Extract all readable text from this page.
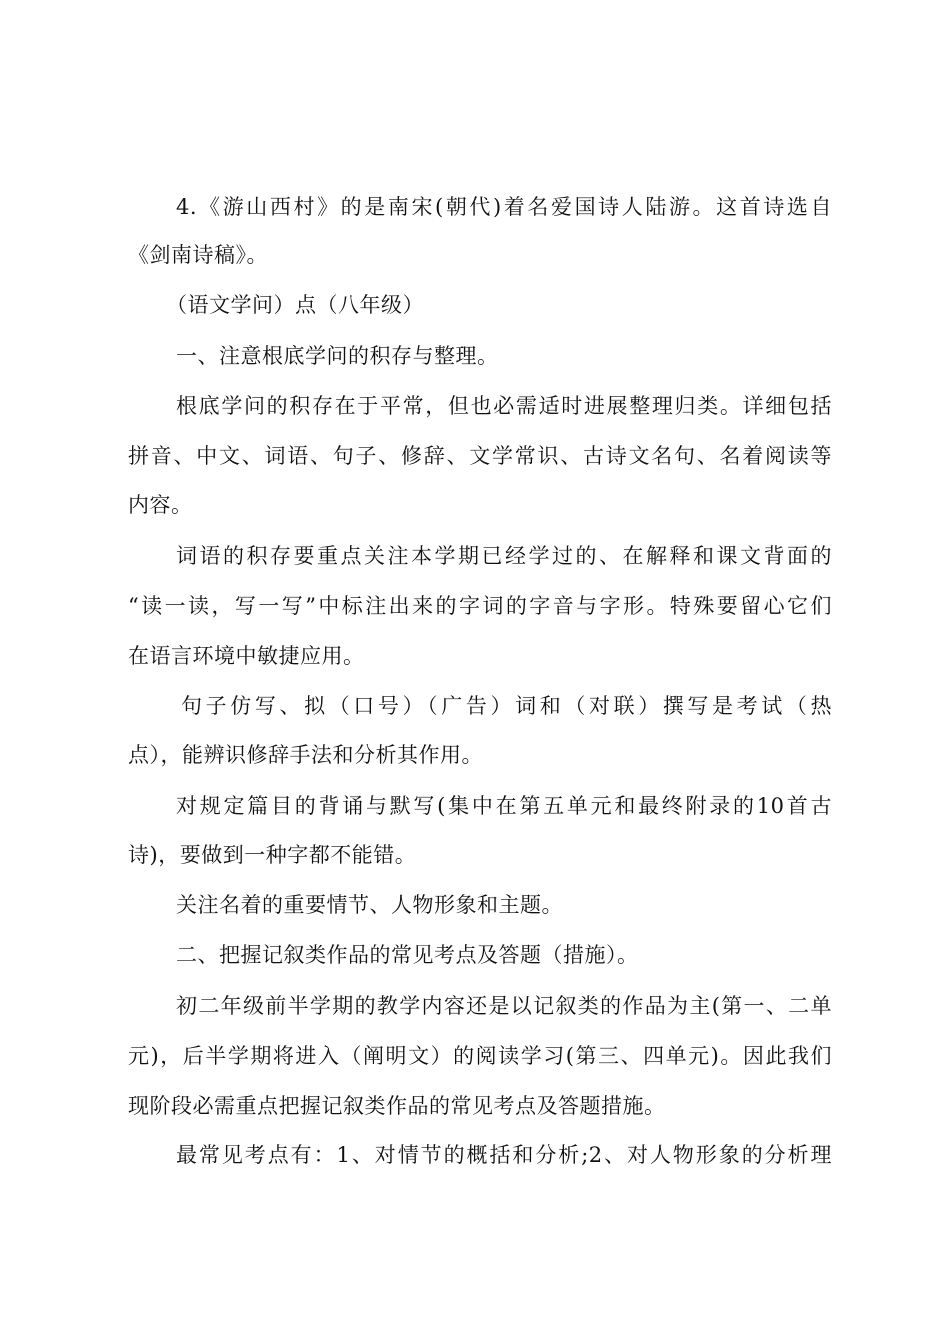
4.《游山西村》的是南宋(朝代)着名爱国诗人陆游。这首诗选自
《剑南诗稿》。
（语文学问）点（八年级）
一、注意根底学问的积存与整理。
根底学问的积存在于平常，但也必需适时进展整理归类。详细包括
拼音、中文、词语、句子、修辞、文学常识、古诗文名句、名着阅读等
内容。
词语的积存要重点关注本学期已经学过的、在解释和课文背面的
“读一读，写一写”中标注出来的字词的字音与字形。特殊要留心它们
在语言环境中敏捷应用。
句子仿写、拟（口号）（广告）词和（对联）撰写是考试（热
点），能辨识修辞手法和分析其作用。
对规定篇目的背诵与默写(集中在第五单元和最终附录的10首古
诗)，要做到一种字都不能错。
关注名着的重要情节、人物形象和主题。
二、把握记叙类作品的常见考点及答题（措施）。
初二年级前半学期的教学内容还是以记叙类的作品为主(第一、二单
元)，后半学期将进入（阐明文）的阅读学习(第三、四单元)。因此我们
现阶段必需重点把握记叙类作品的常见考点及答题措施。
最常见考点有：1、对情节的概括和分析;2、对人物形象的分析理
